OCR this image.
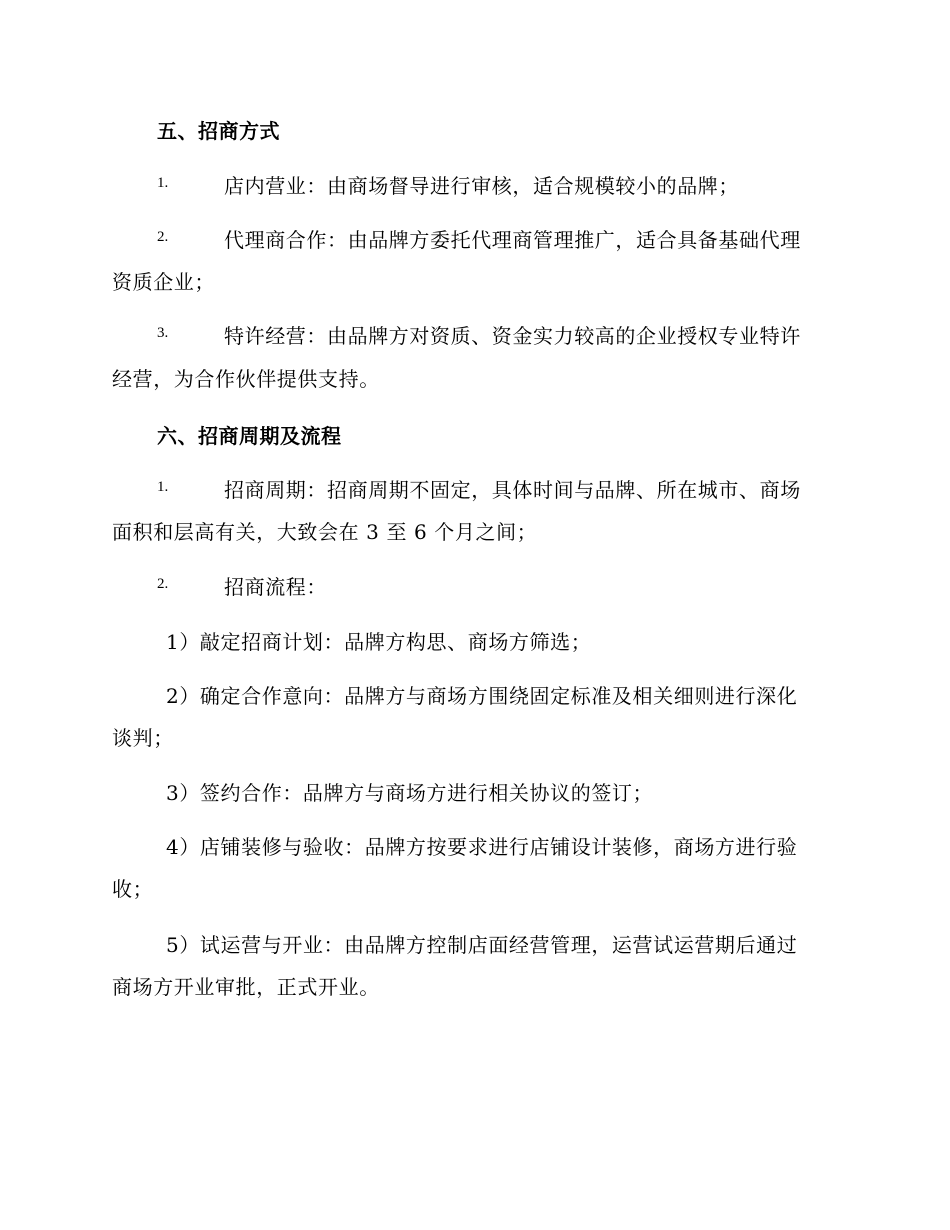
五、招商方式
1.	店内营业：由商场督导进行审核，适合规模较小的品牌；
2.	代理商合作：由品牌方委托代理商管理推广，适合具备基础代理
资质企业；
3.	特许经营：由品牌方对资质、资金实力较高的企业授权专业特许
经营，为合作伙伴提供支持。
六、招商周期及流程
1.	招商周期：招商周期不固定，具体时间与品牌、所在城市、商场
面积和层高有关，大致会在 3 至 6 个月之间；
2.	招商流程：
1）敲定招商计划：品牌方构思、商场方筛选；
2）确定合作意向：品牌方与商场方围绕固定标准及相关细则进行深化
谈判；
3）签约合作：品牌方与商场方进行相关协议的签订；
4）店铺装修与验收：品牌方按要求进行店铺设计装修，商场方进行验
收；
5）试运营与开业：由品牌方控制店面经营管理，运营试运营期后通过
商场方开业审批，正式开业。
